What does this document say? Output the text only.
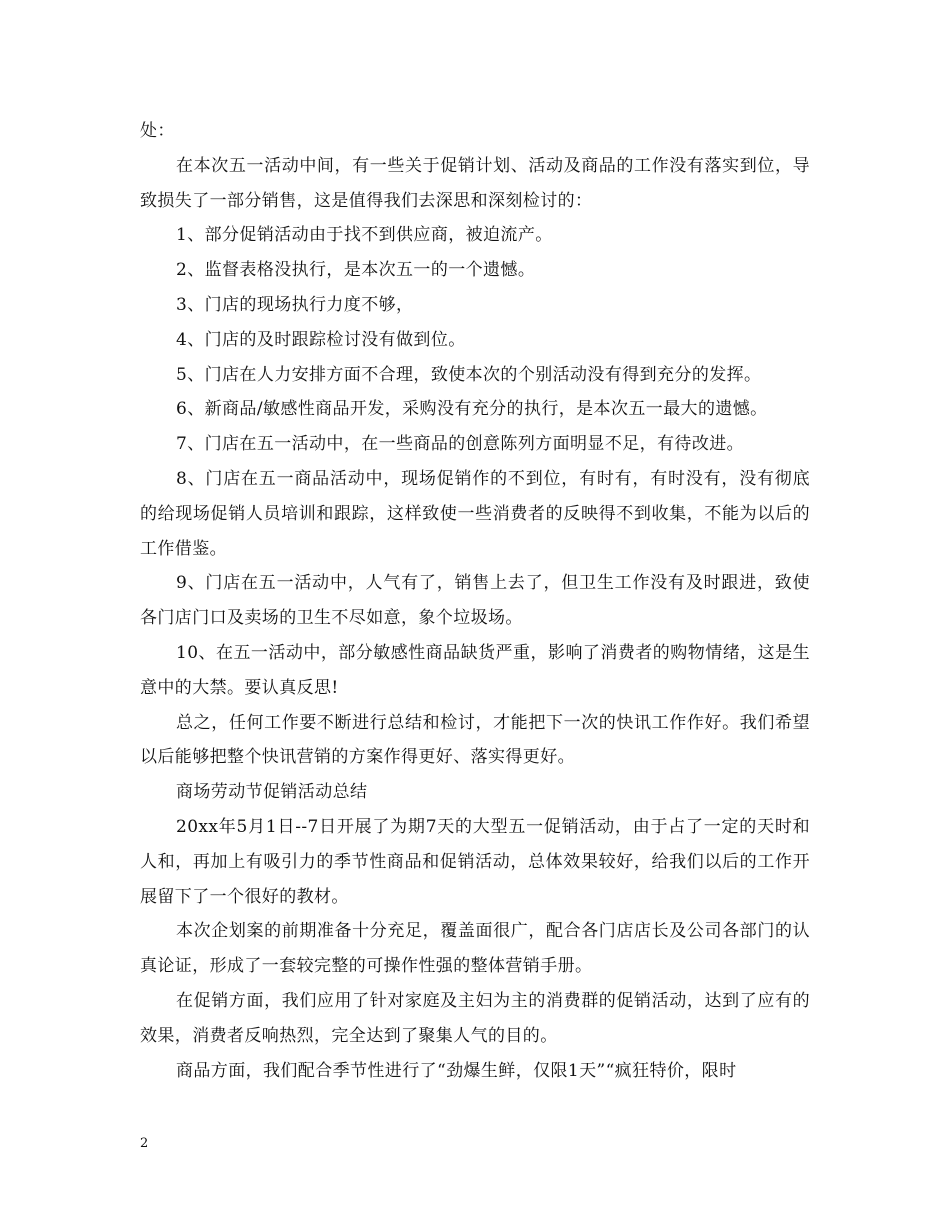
处：

在本次五一活动中间，有一些关于促销计划、活动及商品的工作没有落实到位，导致损失了一部分销售，这是值得我们去深思和深刻检讨的：

1、部分促销活动由于找不到供应商，被迫流产。

2、监督表格没执行，是本次五一的一个遗憾。

3、门店的现场执行力度不够，

4、门店的及时跟踪检讨没有做到位。

5、门店在人力安排方面不合理，致使本次的个别活动没有得到充分的发挥。

6、新商品/敏感性商品开发，采购没有充分的执行，是本次五一最大的遗憾。

7、门店在五一活动中，在一些商品的创意陈列方面明显不足，有待改进。

8、门店在五一商品活动中，现场促销作的不到位，有时有，有时没有，没有彻底的给现场促销人员培训和跟踪，这样致使一些消费者的反映得不到收集，不能为以后的工作借鉴。

9、门店在五一活动中，人气有了，销售上去了，但卫生工作没有及时跟进，致使各门店门口及卖场的卫生不尽如意，象个垃圾场。

10、在五一活动中，部分敏感性商品缺货严重，影响了消费者的购物情绪，这是生意中的大禁。要认真反思!

总之，任何工作要不断进行总结和检讨，才能把下一次的快讯工作作好。我们希望以后能够把整个快讯营销的方案作得更好、落实得更好。

商场劳动节促销活动总结

20xx年5月1日--7日开展了为期7天的大型五一促销活动，由于占了一定的天时和人和，再加上有吸引力的季节性商品和促销活动，总体效果较好，给我们以后的工作开展留下了一个很好的教材。

本次企划案的前期准备十分充足，覆盖面很广，配合各门店店长及公司各部门的认真论证，形成了一套较完整的可操作性强的整体营销手册。

在促销方面，我们应用了针对家庭及主妇为主的消费群的促销活动，达到了应有的效果，消费者反响热烈，完全达到了聚集人气的目的。

商品方面，我们配合季节性进行了“劲爆生鲜，仅限1天”“疯狂特价，限时

2
